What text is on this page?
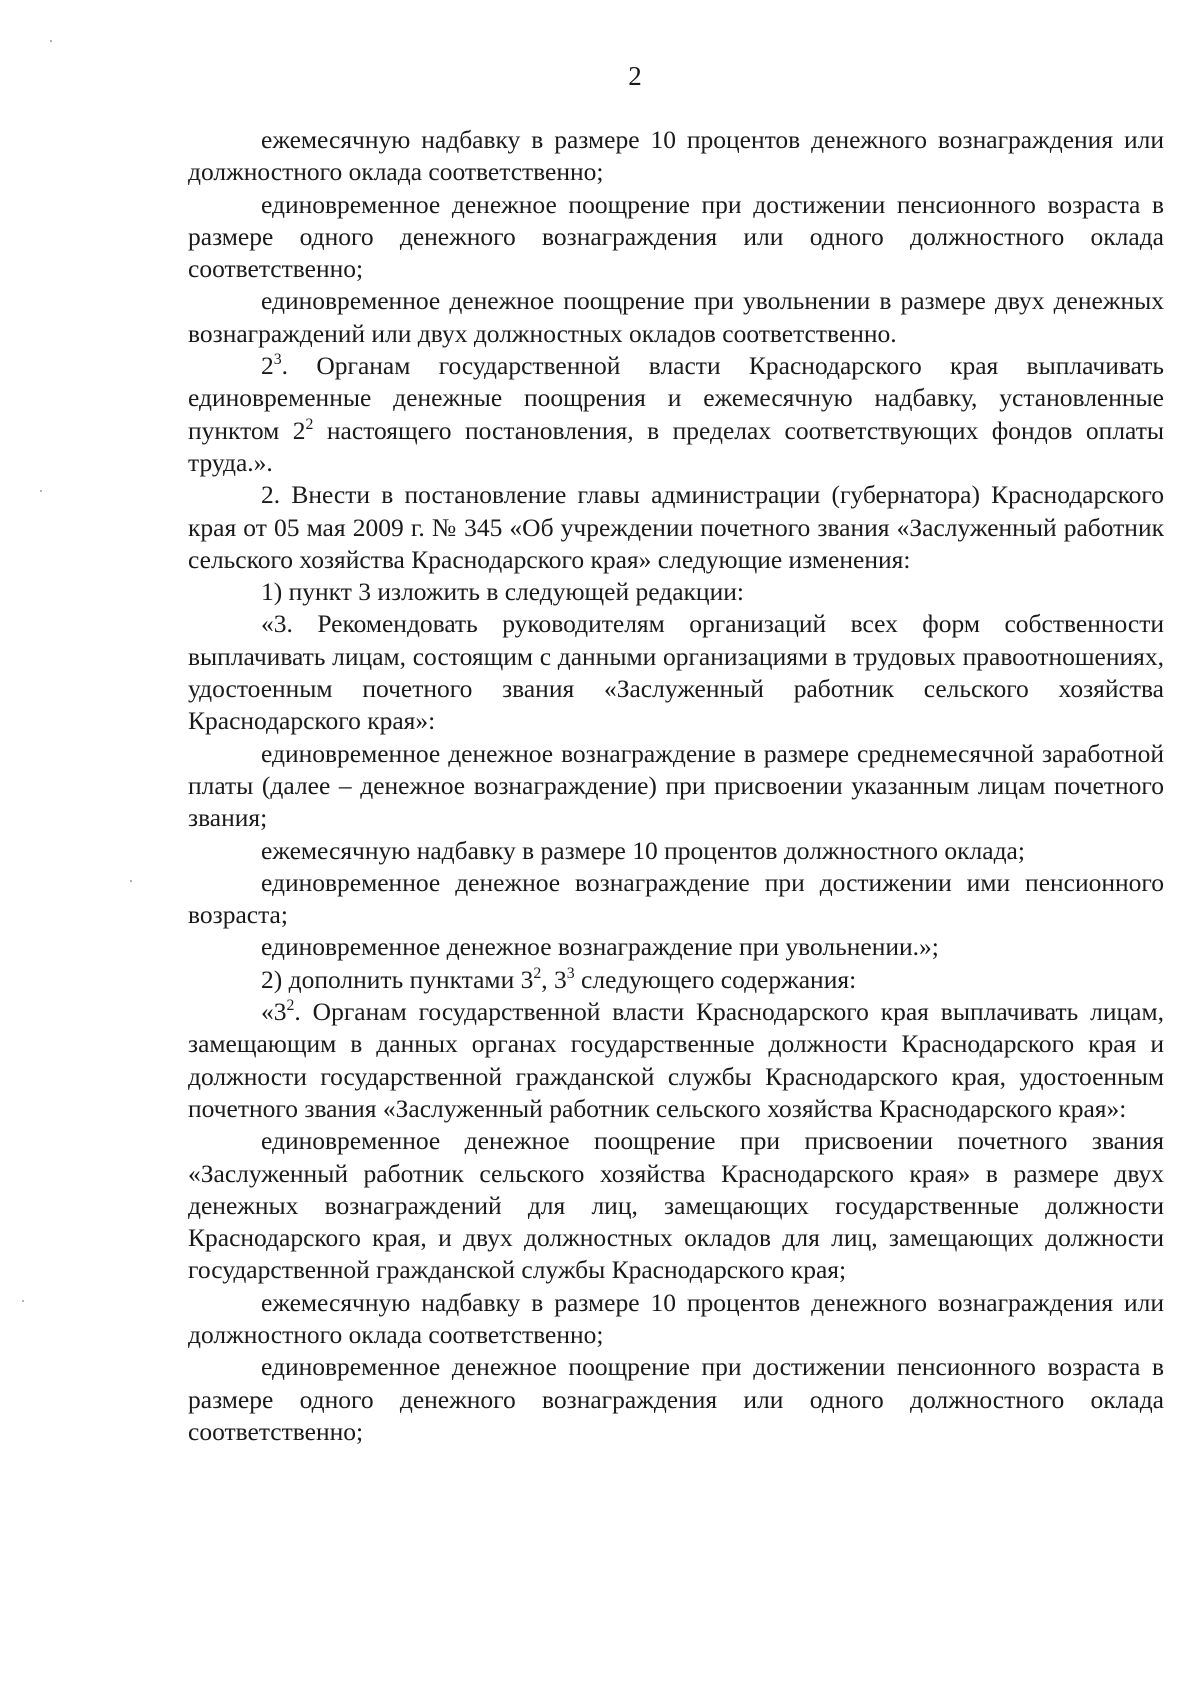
2

ежемесячную надбавку в размере 10 процентов денежного вознаграждения или должностного оклада соответственно;

единовременное денежное поощрение при достижении пенсионного возраста в размере одного денежного вознаграждения или одного должностного оклада соответственно;

единовременное денежное поощрение при увольнении в размере двух денежных вознаграждений или двух должностных окладов соответственно.

$2^3$. Органам государственной власти Краснодарского края выплачивать единовременные денежные поощрения и ежемесячную надбавку, установленные пунктом $2^2$ настоящего постановления, в пределах соответствующих фондов оплаты труда.».

2. Внести в постановление главы администрации (губернатора) Краснодарского края от 05 мая 2009 г. № 345 «Об учреждении почетного звания «Заслуженный работник сельского хозяйства Краснодарского края» следующие изменения:

1) пункт 3 изложить в следующей редакции:

«3. Рекомендовать руководителям организаций всех форм собственности выплачивать лицам, состоящим с данными организациями в трудовых правоотношениях, удостоенным почетного звания «Заслуженный работник сельского хозяйства Краснодарского края»:

единовременное денежное вознаграждение в размере среднемесячной заработной платы (далее – денежное вознаграждение) при присвоении указанным лицам почетного звания;

ежемесячную надбавку в размере 10 процентов должностного оклада;

единовременное денежное вознаграждение при достижении ими пенсионного возраста;

единовременное денежное вознаграждение при увольнении.»;

2) дополнить пунктами $3^2$, $3^3$ следующего содержания:

«$3^2$. Органам государственной власти Краснодарского края выплачивать лицам, замещающим в данных органах государственные должности Краснодарского края и должности государственной гражданской службы Краснодарского края, удостоенным почетного звания «Заслуженный работник сельского хозяйства Краснодарского края»:

единовременное денежное поощрение при присвоении почетного звания «Заслуженный работник сельского хозяйства Краснодарского края» в размере двух денежных вознаграждений для лиц, замещающих государственные должности Краснодарского края, и двух должностных окладов для лиц, замещающих должности государственной гражданской службы Краснодарского края;

ежемесячную надбавку в размере 10 процентов денежного вознаграждения или должностного оклада соответственно;

единовременное денежное поощрение при достижении пенсионного возраста в размере одного денежного вознаграждения или одного должностного оклада соответственно;
